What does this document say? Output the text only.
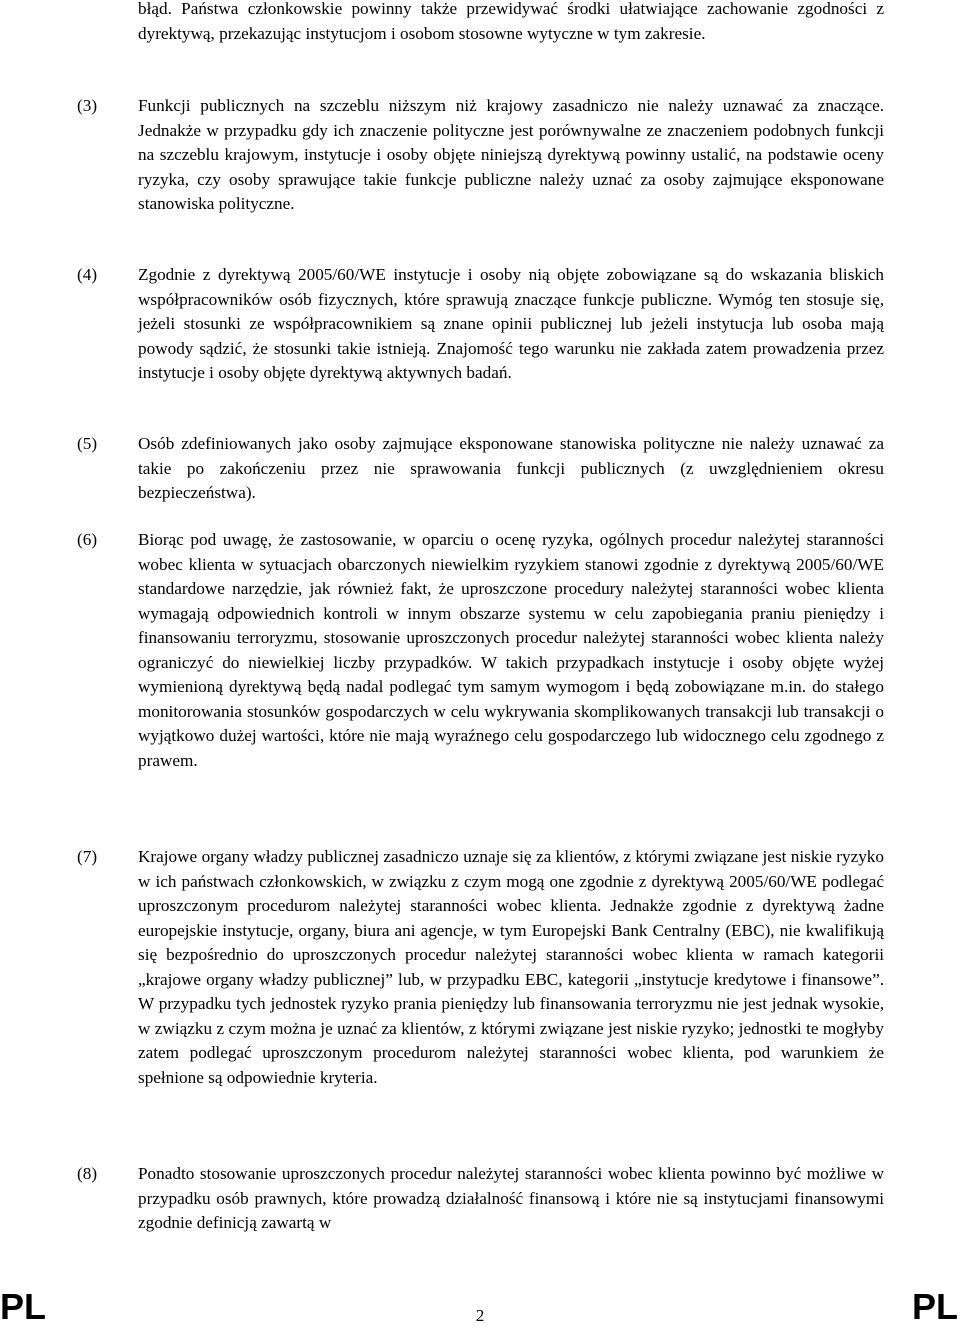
błąd. Państwa członkowskie powinny także przewidywać środki ułatwiające zachowanie zgodności z dyrektywą, przekazując instytucjom i osobom stosowne wytyczne w tym zakresie.
(3) Funkcji publicznych na szczeblu niższym niż krajowy zasadniczo nie należy uznawać za znaczące. Jednakże w przypadku gdy ich znaczenie polityczne jest porównywalne ze znaczeniem podobnych funkcji na szczeblu krajowym, instytucje i osoby objęte niniejszą dyrektywą powinny ustalić, na podstawie oceny ryzyka, czy osoby sprawujące takie funkcje publiczne należy uznać za osoby zajmujące eksponowane stanowiska polityczne.
(4) Zgodnie z dyrektywą 2005/60/WE instytucje i osoby nią objęte zobowiązane są do wskazania bliskich współpracowników osób fizycznych, które sprawują znaczące funkcje publiczne. Wymóg ten stosuje się, jeżeli stosunki ze współpracownikiem są znane opinii publicznej lub jeżeli instytucja lub osoba mają powody sądzić, że stosunki takie istnieją. Znajomość tego warunku nie zakłada zatem prowadzenia przez instytucje i osoby objęte dyrektywą aktywnych badań.
(5) Osób zdefiniowanych jako osoby zajmujące eksponowane stanowiska polityczne nie należy uznawać za takie po zakończeniu przez nie sprawowania funkcji publicznych (z uwzględnieniem okresu bezpieczeństwa).
(6) Biorąc pod uwagę, że zastosowanie, w oparciu o ocenę ryzyka, ogólnych procedur należytej staranności wobec klienta w sytuacjach obarczonych niewielkim ryzykiem stanowi zgodnie z dyrektywą 2005/60/WE standardowe narzędzie, jak również fakt, że uproszczone procedury należytej staranności wobec klienta wymagają odpowiednich kontroli w innym obszarze systemu w celu zapobiegania praniu pieniędzy i finansowaniu terroryzmu, stosowanie uproszczonych procedur należytej staranności wobec klienta należy ograniczyć do niewielkiej liczby przypadków. W takich przypadkach instytucje i osoby objęte wyżej wymienioną dyrektywą będą nadal podlegać tym samym wymogom i będą zobowiązane m.in. do stałego monitorowania stosunków gospodarczych w celu wykrywania skomplikowanych transakcji lub transakcji o wyjątkowo dużej wartości, które nie mają wyraźnego celu gospodarczego lub widocznego celu zgodnego z prawem.
(7) Krajowe organy władzy publicznej zasadniczo uznaje się za klientów, z którymi związane jest niskie ryzyko w ich państwach członkowskich, w związku z czym mogą one zgodnie z dyrektywą 2005/60/WE podlegać uproszczonym procedurom należytej staranności wobec klienta. Jednakże zgodnie z dyrektywą żadne europejskie instytucje, organy, biura ani agencje, w tym Europejski Bank Centralny (EBC), nie kwalifikują się bezpośrednio do uproszczonych procedur należytej staranności wobec klienta w ramach kategorii „krajowe organy władzy publicznej” lub, w przypadku EBC, kategorii „instytucje kredytowe i finansowe”. W przypadku tych jednostek ryzyko prania pieniędzy lub finansowania terroryzmu nie jest jednak wysokie, w związku z czym można je uznać za klientów, z którymi związane jest niskie ryzyko; jednostki te mogłyby zatem podlegać uproszczonym procedurom należytej staranności wobec klienta, pod warunkiem że spełnione są odpowiednie kryteria.
(8) Ponadto stosowanie uproszczonych procedur należytej staranności wobec klienta powinno być możliwe w przypadku osób prawnych, które prowadzą działalność finansową i które nie są instytucjami finansowymi zgodnie definicją zawartą w
PL	2	PL
